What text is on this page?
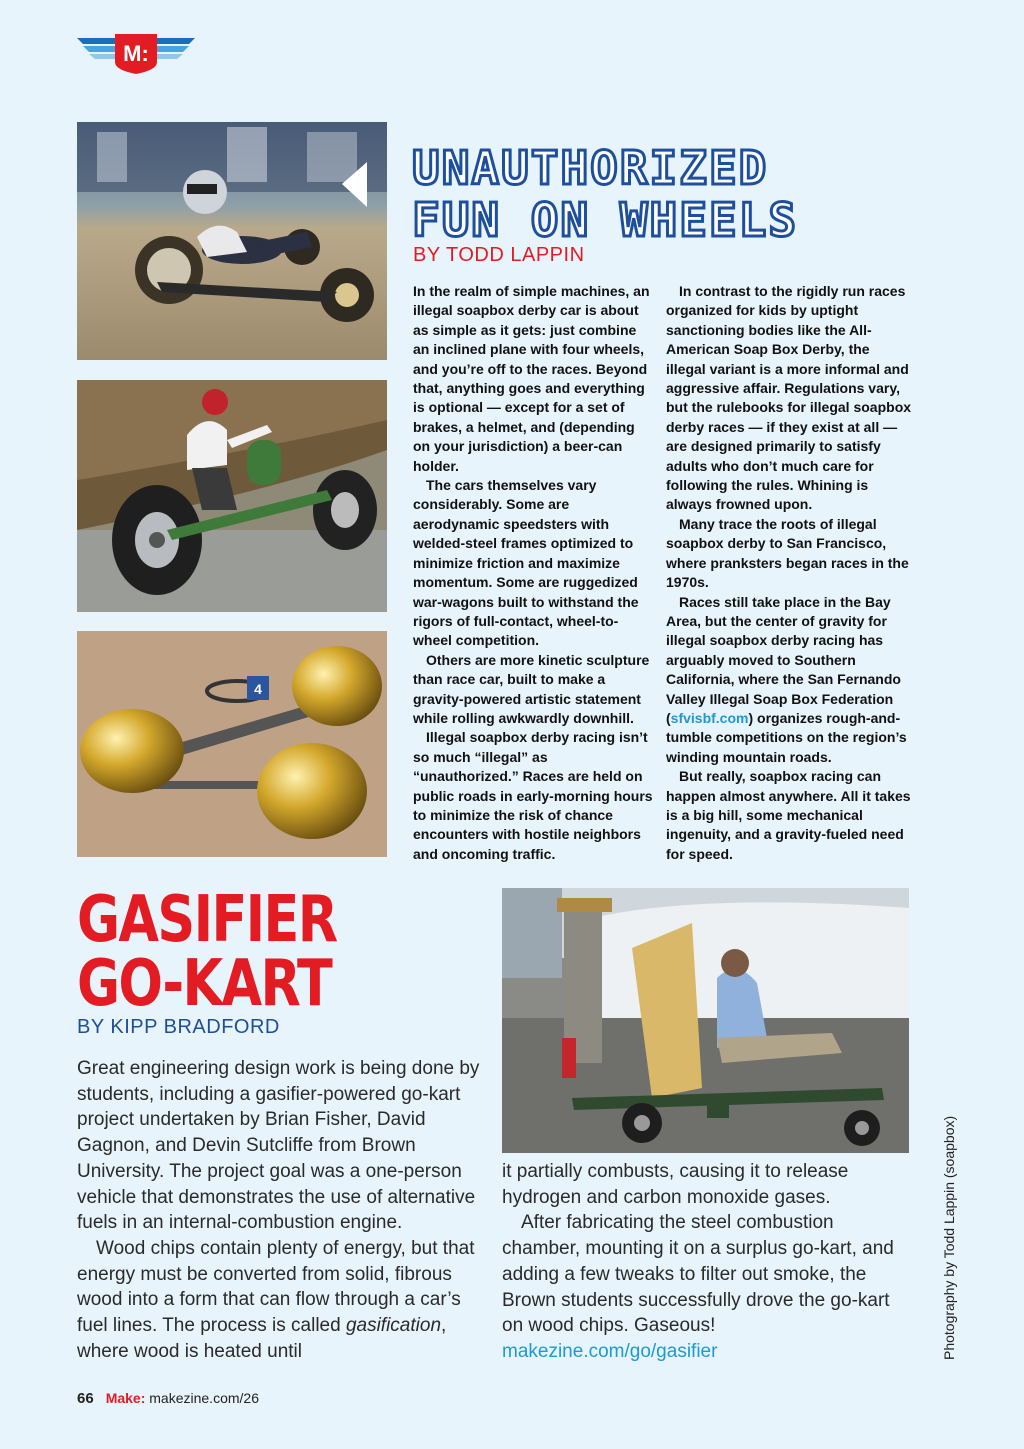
M:
4
UNAUTHORIZED
FUN ON WHEELS
BY TODD LAPPIN

In the realm of simple machines, an illegal soapbox derby car is about as simple as it gets: just combine an inclined plane with four wheels, and you’re off to the races. Beyond that, anything goes and everything is optional — except for a set of brakes, a helmet, and (depending on your jurisdiction) a beer-can holder.

The cars themselves vary considerably. Some are aerodynamic speedsters with welded-steel frames optimized to minimize friction and maximize momentum. Some are ruggedized war-wagons built to withstand the rigors of full-contact, wheel-to-wheel competition.

Others are more kinetic sculpture than race car, built to make a gravity-powered artistic statement while rolling awkwardly downhill.

Illegal soapbox derby racing isn’t so much “illegal” as “unauthorized.” Races are held on public roads in early-morning hours to minimize the risk of chance encounters with hostile neighbors and oncoming traffic.

In contrast to the rigidly run races organized for kids by uptight sanctioning bodies like the All-American Soap Box Derby, the illegal variant is a more informal and aggressive affair. Regulations vary, but the rulebooks for illegal soapbox derby races — if they exist at all — are designed primarily to satisfy adults who don’t much care for following the rules. Whining is always frowned upon.

Many trace the roots of illegal soapbox derby to San Francisco, where pranksters began races in the 1970s.

Races still take place in the Bay Area, but the center of gravity for illegal soapbox derby racing has arguably moved to Southern California, where the San Fernando Valley Illegal Soap Box Federation (sfvisbf.com) organizes rough-and-tumble competitions on the region’s winding mountain roads.

But really, soapbox racing can happen almost anywhere. All it takes is a big hill, some mechanical ingenuity, and a gravity-fueled need for speed.

GASIFIER
GO-KART
BY KIPP BRADFORD

Great engineering design work is being done by students, including a gasifier-powered go-kart project undertaken by Brian Fisher, David Gagnon, and Devin Sutcliffe from Brown University. The project goal was a one-person vehicle that demonstrates the use of alternative fuels in an internal-combustion engine.

Wood chips contain plenty of energy, but that energy must be converted from solid, fibrous wood into a form that can flow through a car’s fuel lines. The process is called gasification, where wood is heated until

it partially combusts, causing it to release hydrogen and carbon monoxide gases.

After fabricating the steel combustion chamber, mounting it on a surplus go-kart, and adding a few tweaks to filter out smoke, the Brown students successfully drove the go-kart on wood chips. Gaseous!

makezine.com/go/gasifier	Photography by Todd Lappin (soapbox)
66 Make: makezine.com/26
